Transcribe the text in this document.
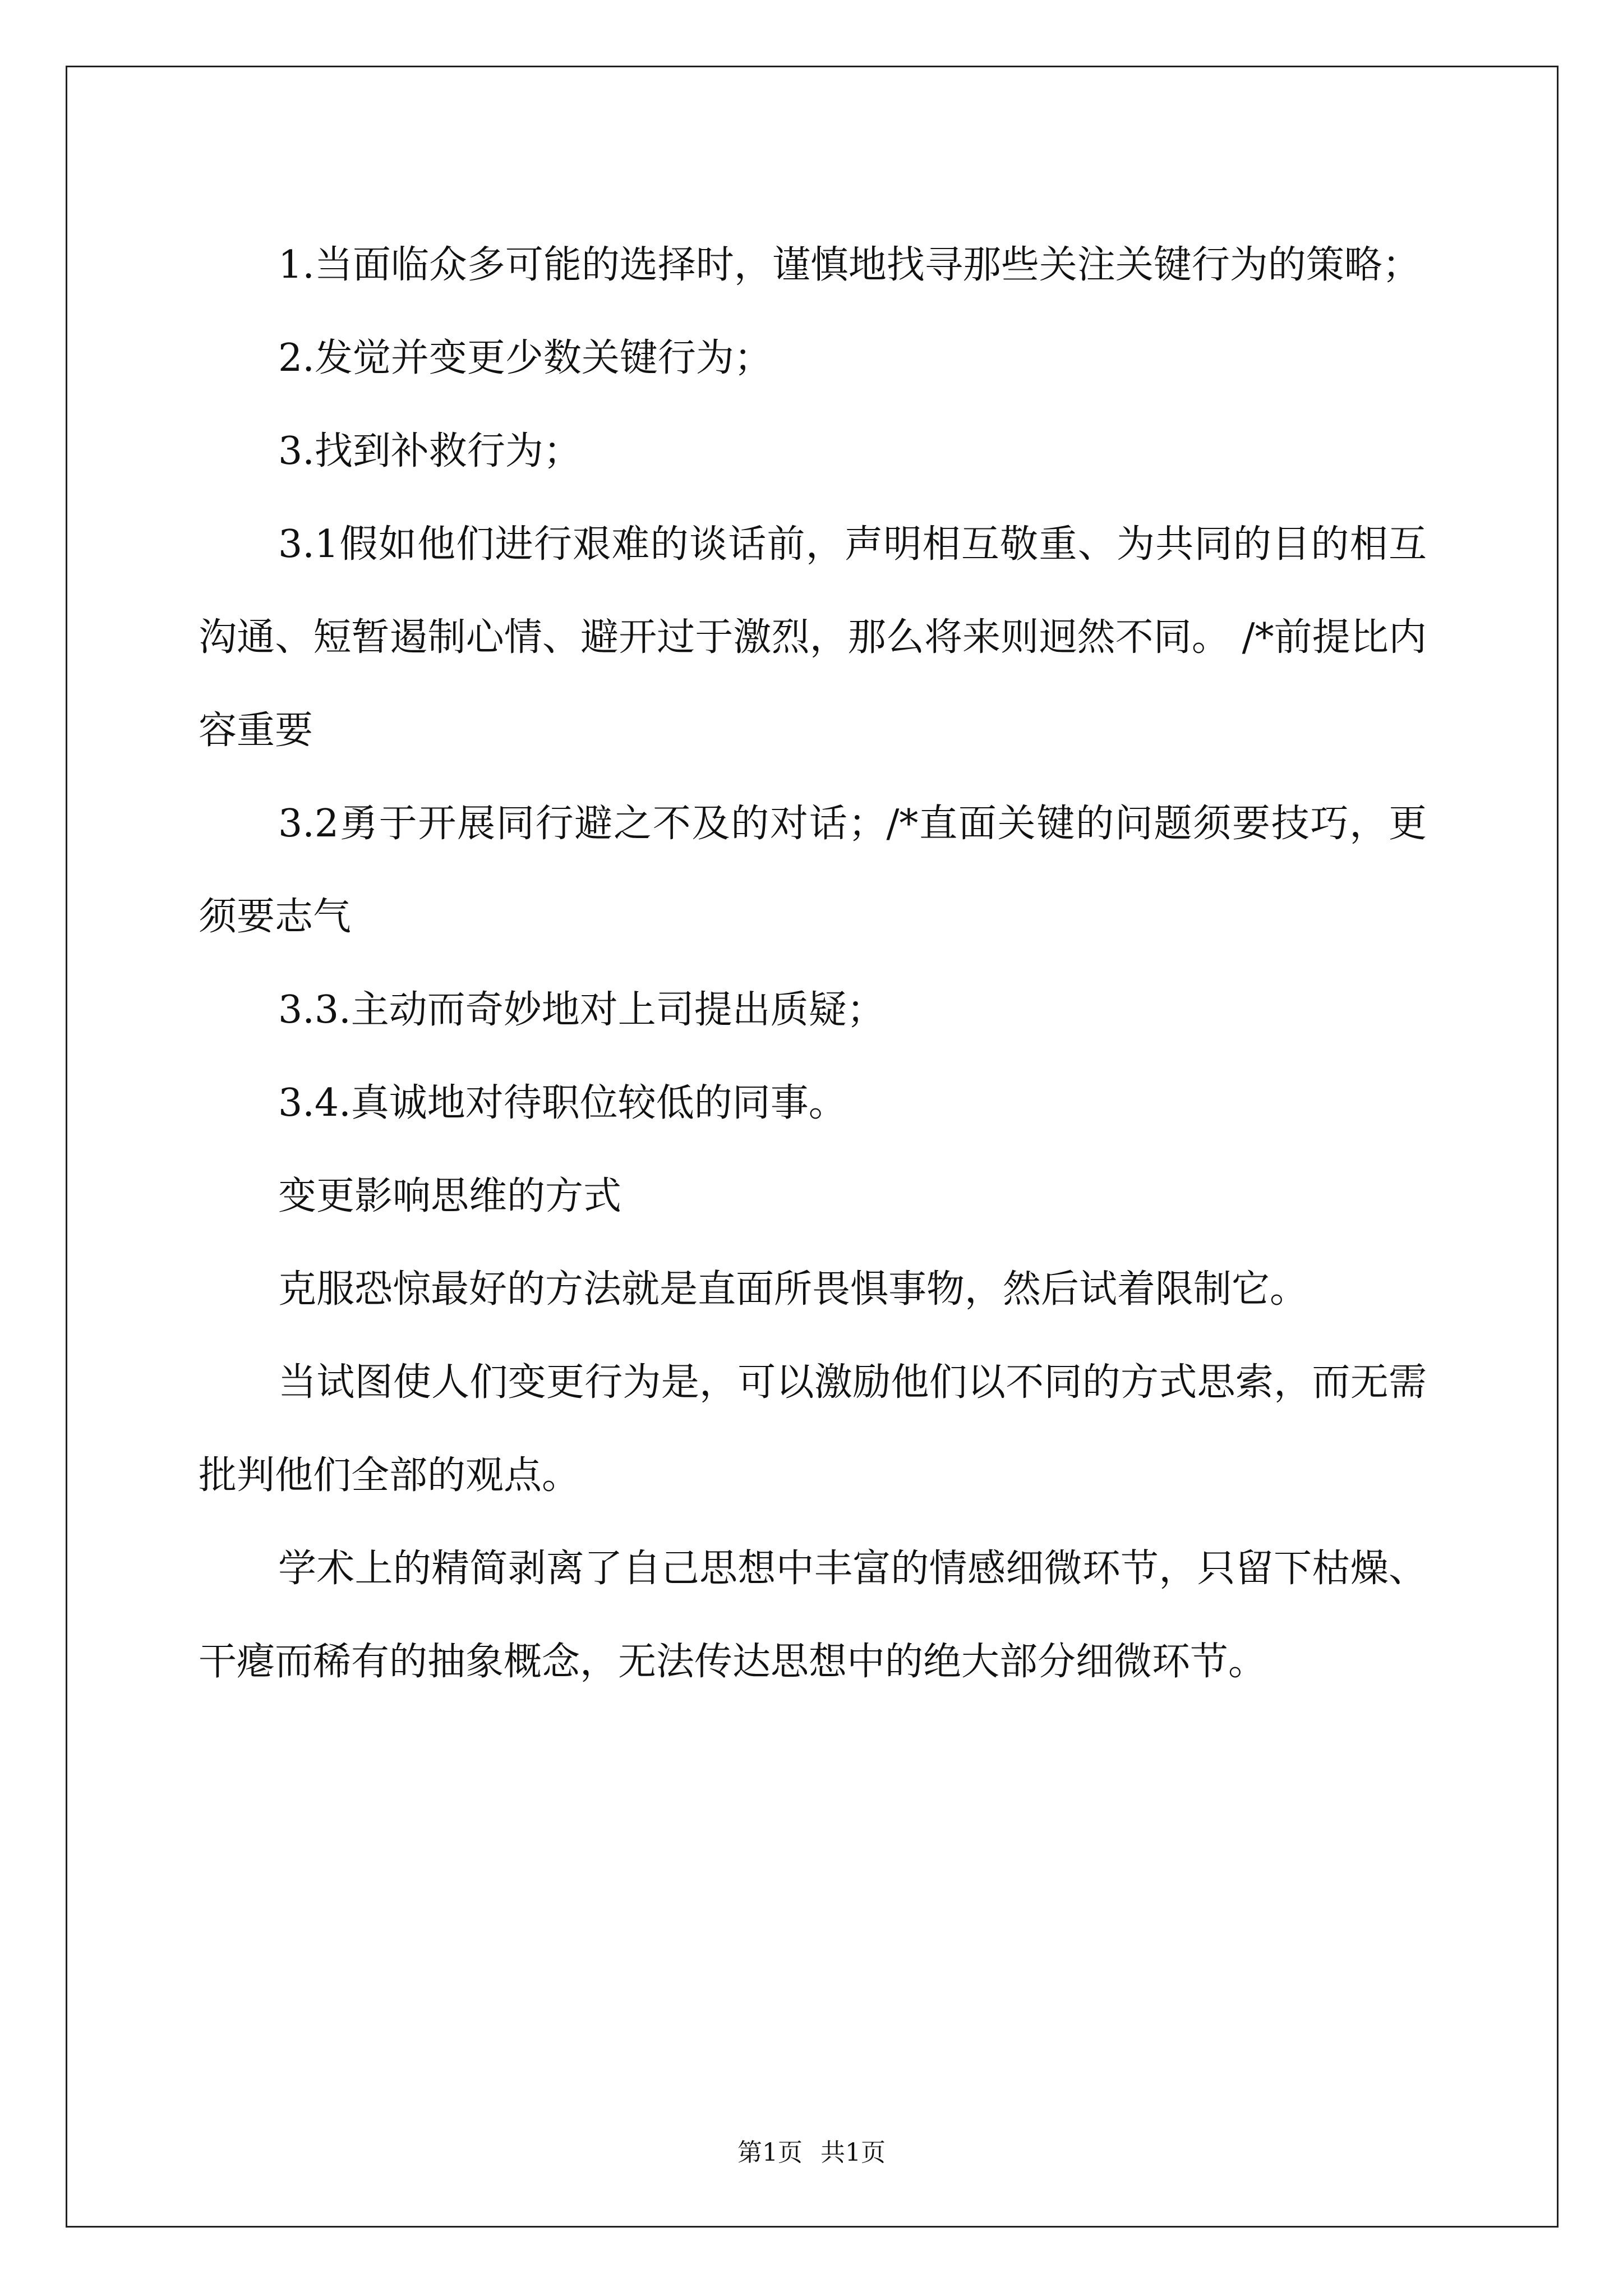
1.当面临众多可能的选择时，谨慎地找寻那些关注关键行为的策略；

2.发觉并变更少数关键行为；

3.找到补救行为；

3.1假如他们进行艰难的谈话前，声明相互敬重、为共同的目的相互沟通、短暂遏制心情、避开过于激烈，那么将来则迥然不同。 /*前提比内容重要

3.2勇于开展同行避之不及的对话；/*直面关键的问题须要技巧，更须要志气

3.3.主动而奇妙地对上司提出质疑；

3.4.真诚地对待职位较低的同事。

变更影响思维的方式

克服恐惊最好的方法就是直面所畏惧事物，然后试着限制它。

当试图使人们变更行为是，可以激励他们以不同的方式思索，而无需批判他们全部的观点。

学术上的精简剥离了自己思想中丰富的情感细微环节，只留下枯燥、干瘪而稀有的抽象概念，无法传达思想中的绝大部分细微环节。

第1页 共1页
